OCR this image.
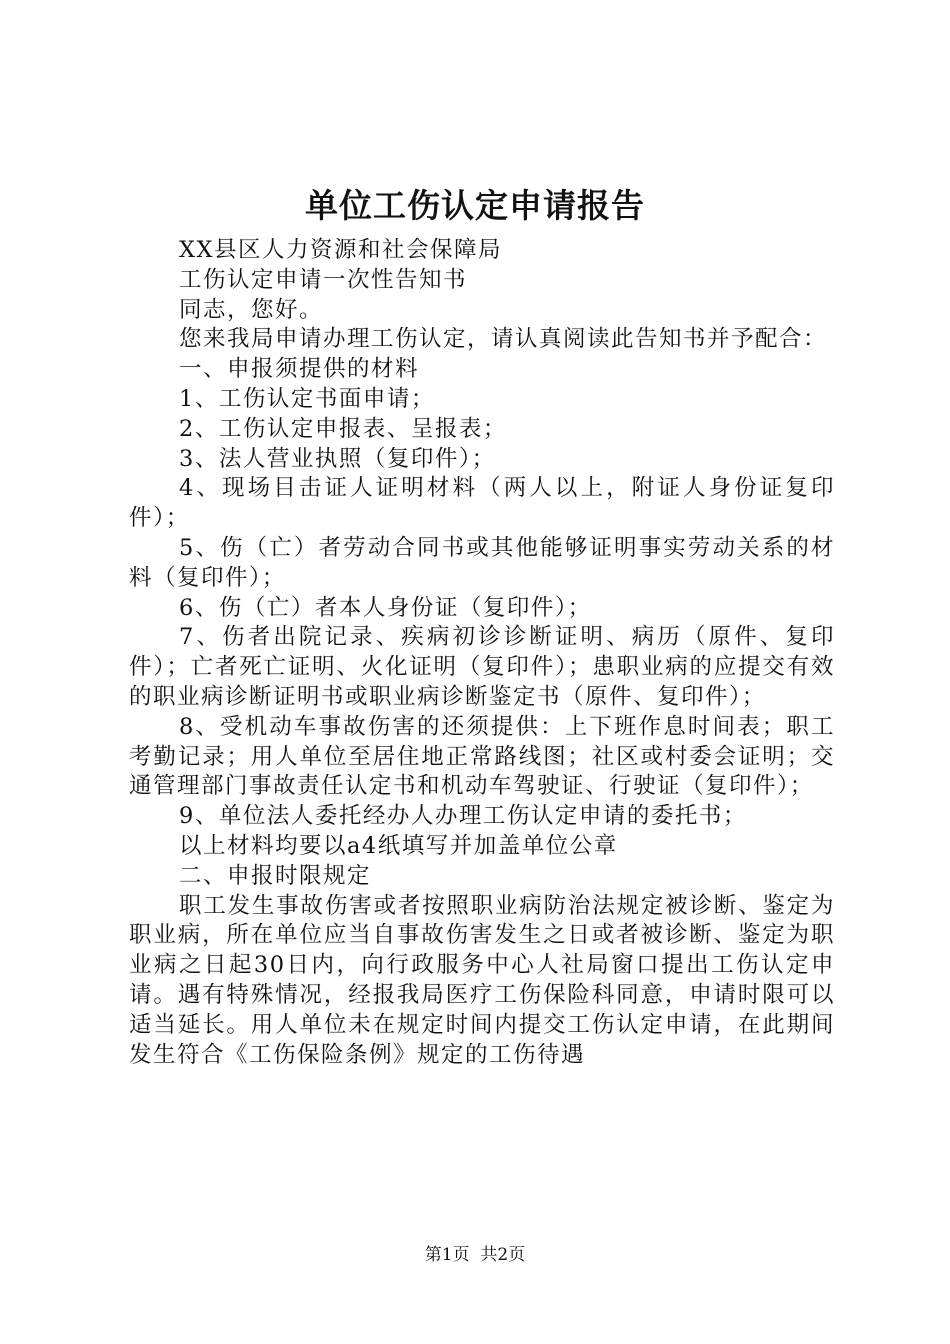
单位工伤认定申请报告

XX县区人力资源和社会保障局

工伤认定申请一次性告知书

同志，您好。

您来我局申请办理工伤认定，请认真阅读此告知书并予配合：

一、申报须提供的材料

1、工伤认定书面申请；

2、工伤认定申报表、呈报表；

3、法人营业执照（复印件）；

4、现场目击证人证明材料（两人以上，附证人身份证复印件）；

5、伤（亡）者劳动合同书或其他能够证明事实劳动关系的材料（复印件）；

6、伤（亡）者本人身份证（复印件）；

7、伤者出院记录、疾病初诊诊断证明、病历（原件、复印件）；亡者死亡证明、火化证明（复印件）；患职业病的应提交有效的职业病诊断证明书或职业病诊断鉴定书（原件、复印件）；

8、受机动车事故伤害的还须提供：上下班作息时间表；职工考勤记录；用人单位至居住地正常路线图；社区或村委会证明；交通管理部门事故责任认定书和机动车驾驶证、行驶证（复印件）；

9、单位法人委托经办人办理工伤认定申请的委托书；

以上材料均要以a4纸填写并加盖单位公章

二、申报时限规定

职工发生事故伤害或者按照职业病防治法规定被诊断、鉴定为职业病，所在单位应当自事故伤害发生之日或者被诊断、鉴定为职业病之日起30日内，向行政服务中心人社局窗口提出工伤认定申请。遇有特殊情况，经报我局医疗工伤保险科同意，申请时限可以适当延长。用人单位未在规定时间内提交工伤认定申请，在此期间发生符合《工伤保险条例》规定的工伤待遇

第1页 共2页
